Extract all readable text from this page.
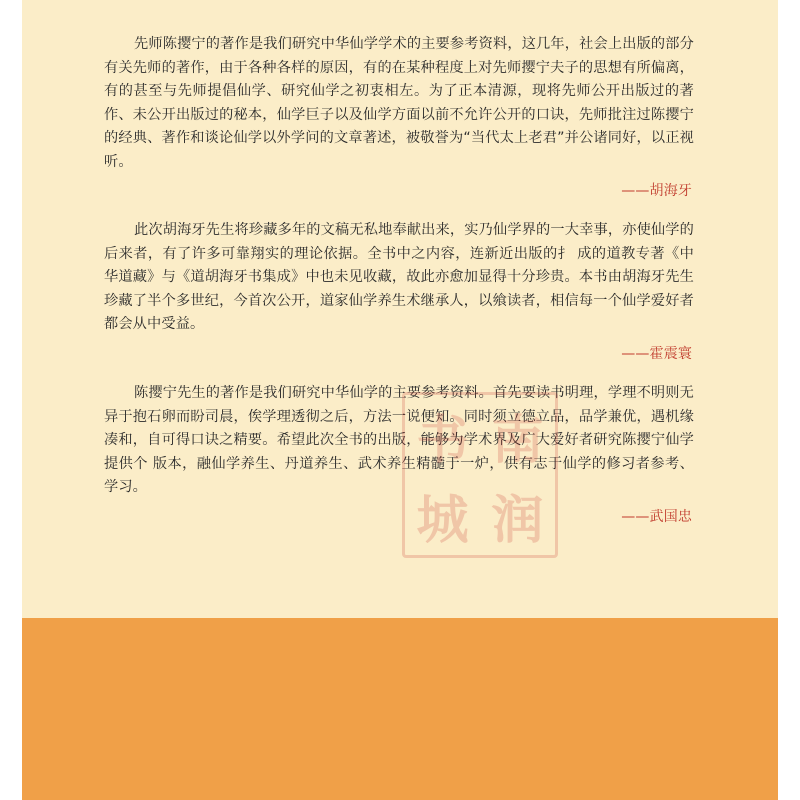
先师陈撄宁的著作是我们研究中华仙学学术的主要参考资料，这几年，社会上出版的部分有关先师的著作，由于各种各样的原因，有的在某种程度上对先师撄宁夫子的思想有所偏离，有的甚至与先师提倡仙学、研究仙学之初衷相左。为了正本清源，现将先师公开出版过的著作、未公开出版过的秘本，仙学巨子以及仙学方面以前不允许公开的口诀，先师批注过陈撄宁的经典、著作和谈论仙学以外学问的文章著述，被敬誉为“当代太上老君”并公诸同好，以正视听。

——胡海牙

此次胡海牙先生将珍藏多年的文稿无私地奉献出来，实乃仙学界的一大幸事，亦使仙学的后来者，有了许多可靠翔实的理论依据。全书中之内容，连新近出版的扌 成的道教专著《中华道藏》与《道胡海牙书集成》中也未见收藏，故此亦愈加显得十分珍贵。本书由胡海牙先生珍藏了半个多世纪，今首次公开，道家仙学养生术继承人，以飨读者，相信每一个仙学爱好者都会从中受益。

——霍震寰

陈撄宁先生的著作是我们研究中华仙学的主要参考资料。首先要读书明理，学理不明则无异于抱石卵而盼司晨，俟学理透彻之后，方法一说便知。同时须立德立品，品学兼优，遇机缘凑和，自可得口诀之精要。希望此次全书的出版，能够为学术界及广大爱好者研究陈撄宁仙学提供个 版本，融仙学养生、丹道养生、武术养生精髓于一炉，供有志于仙学的修习者参考、学习。

——武国忠
书 南
城 润
